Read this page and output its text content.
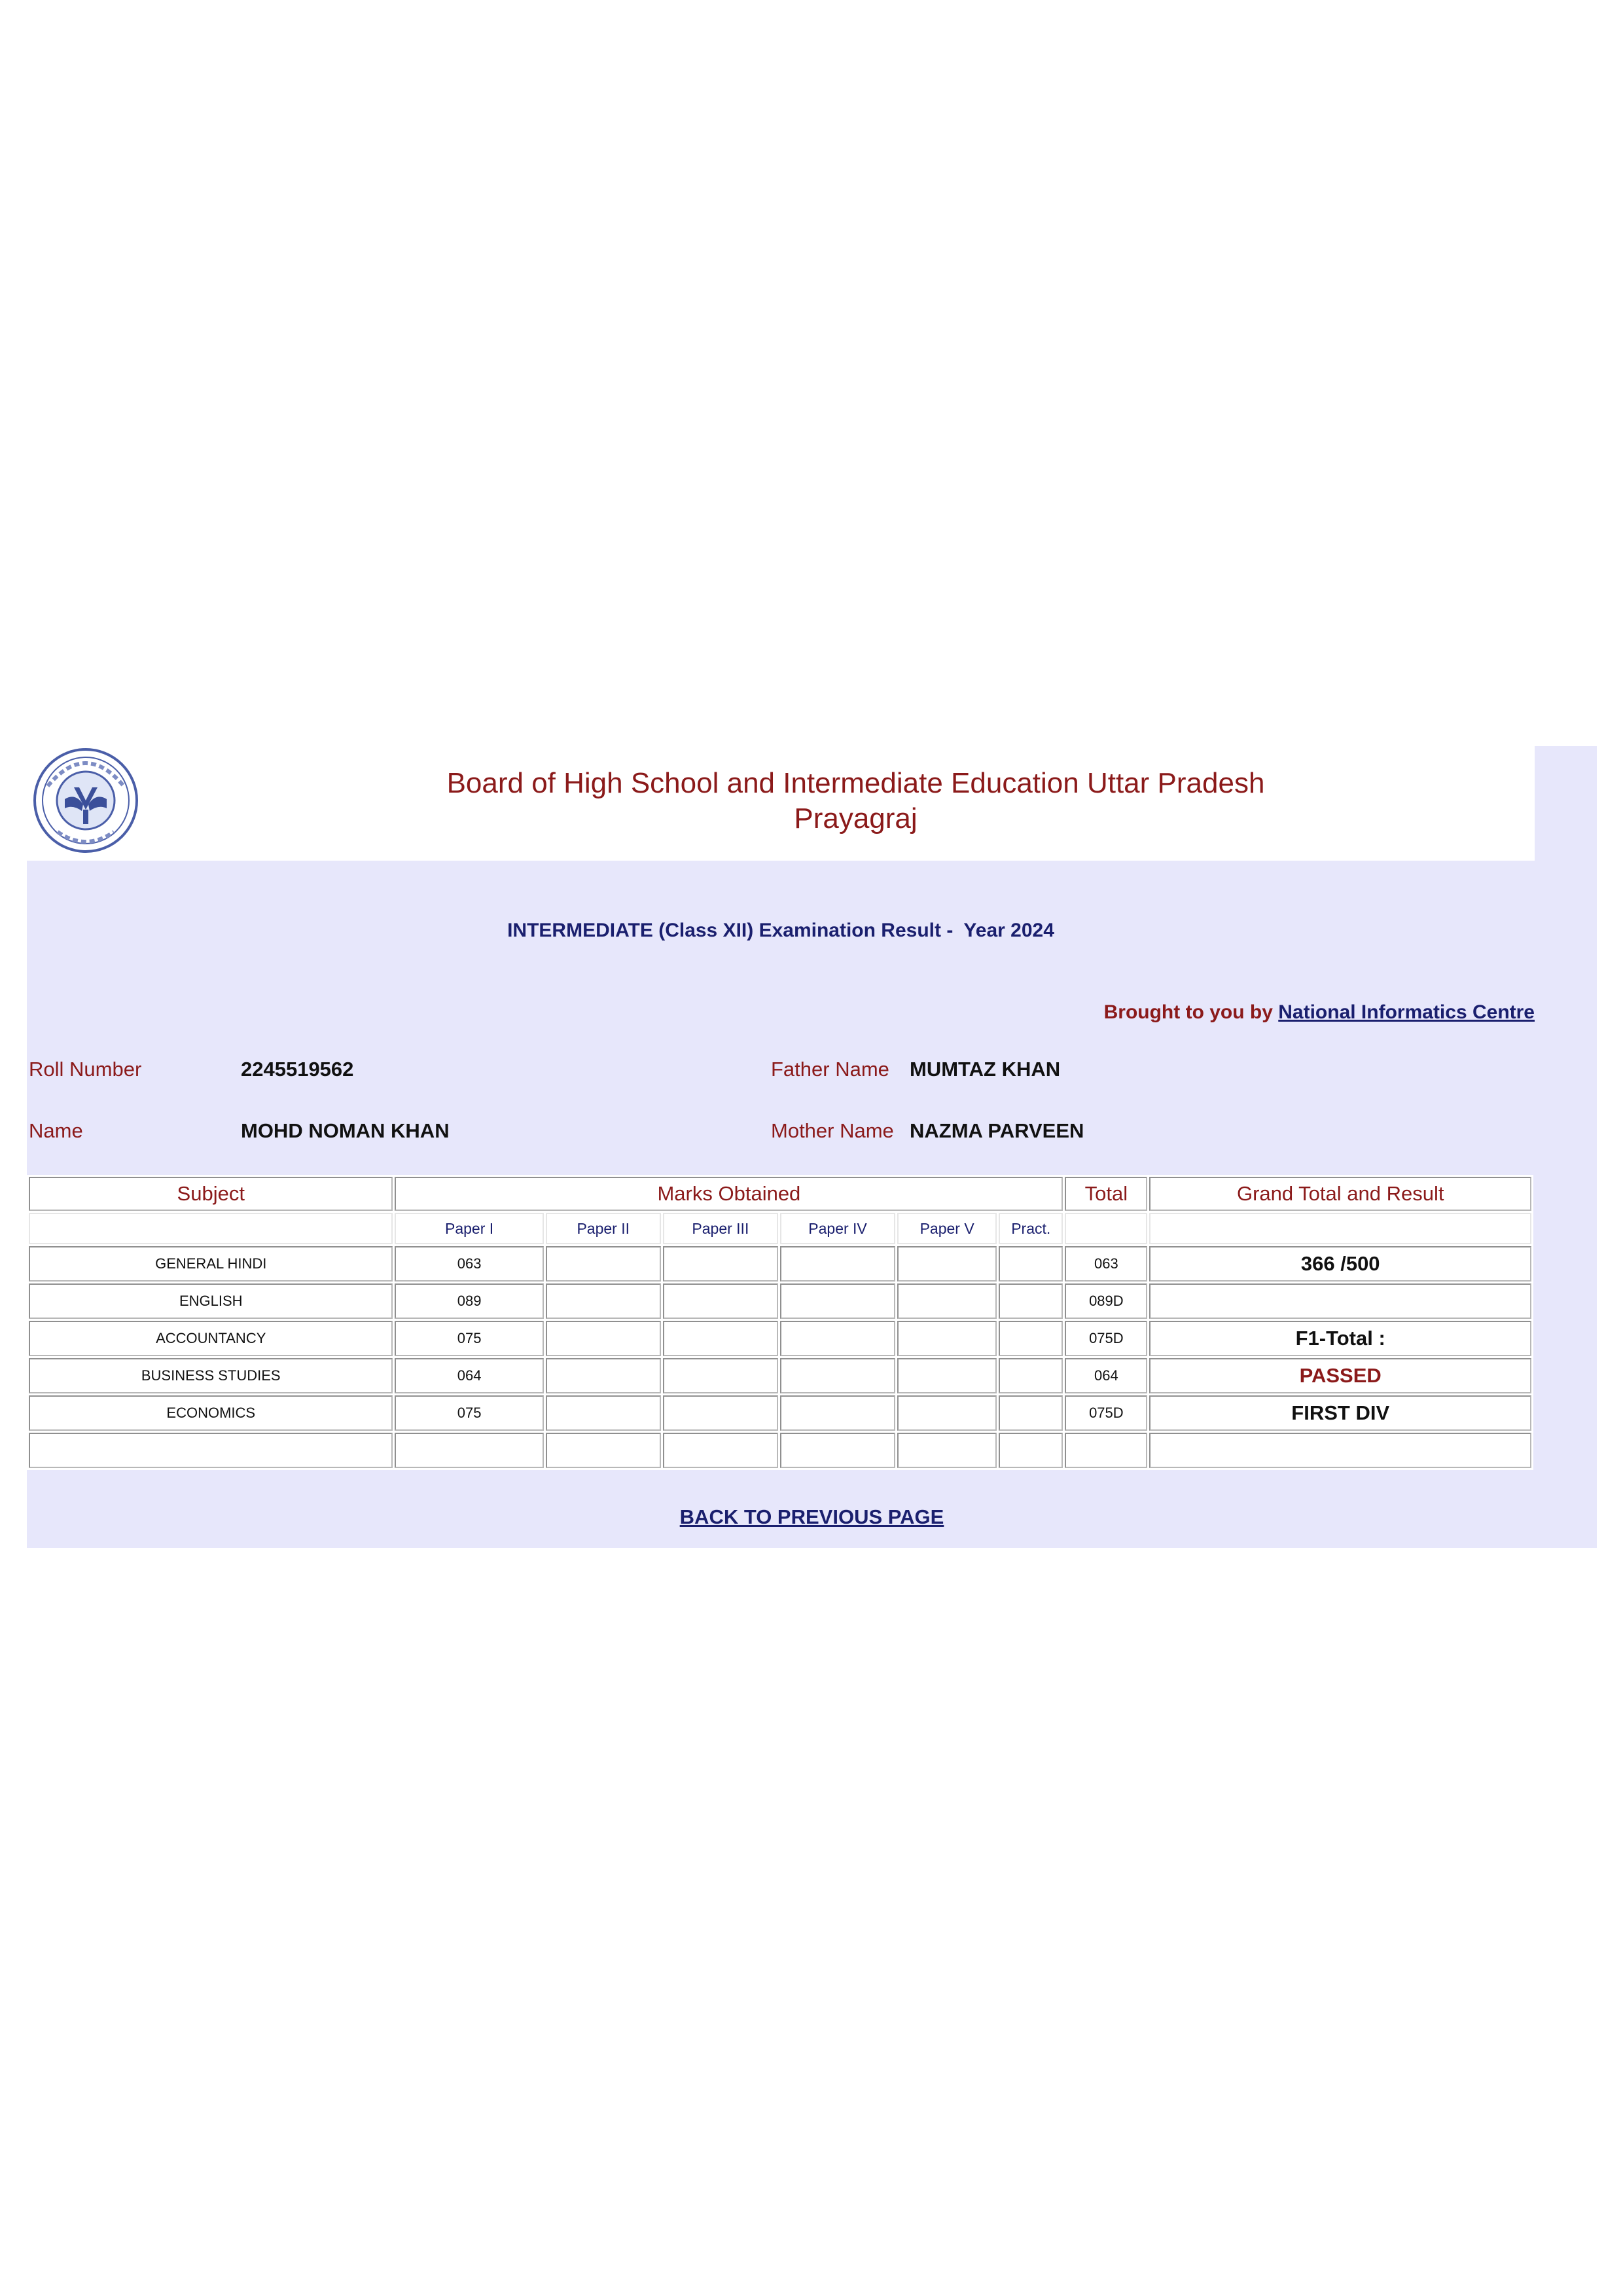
Board of High School and Intermediate Education Uttar Pradesh
Prayagraj
INTERMEDIATE (Class XII) Examination Result -  Year 2024
Brought to you by National Informatics Centre
Roll Number	2245519562
Name	MOHD NOMAN KHAN
Father Name MUMTAZ KHAN
Mother Name NAZMA PARVEEN
Subject	Marks Obtained						Total	Grand Total and Result
	Paper I	Paper II	Paper III	Paper IV	Paper V	Pract.		
GENERAL HINDI	063						063	366 /500
ENGLISH	089						089D	
ACCOUNTANCY	075						075D	F1-Total :
BUSINESS STUDIES	064						064	PASSED
ECONOMICS	075						075D	FIRST DIV

BACK TO PREVIOUS PAGE
